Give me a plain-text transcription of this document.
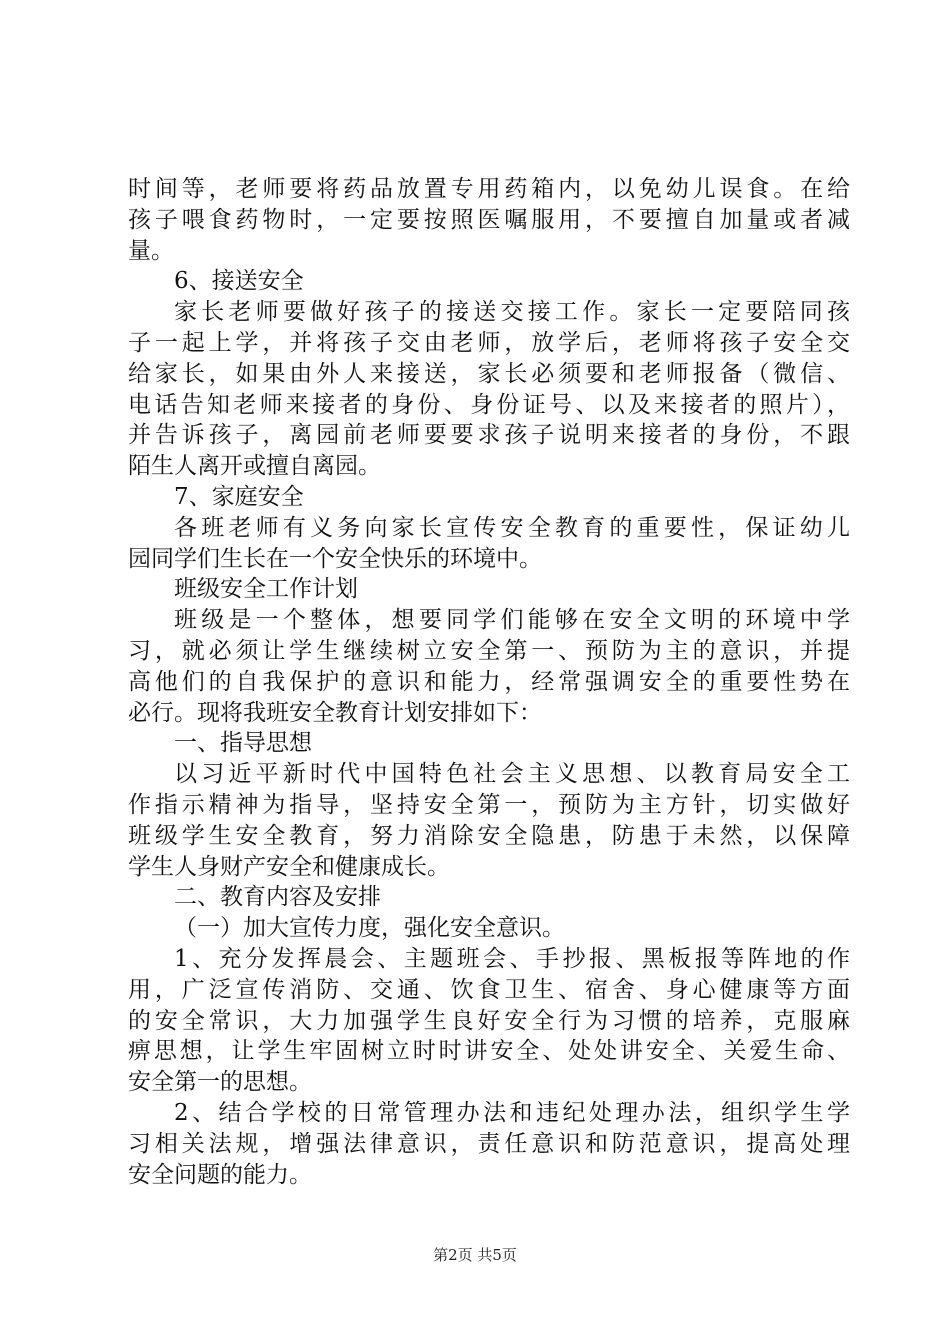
时间等，老师要将药品放置专用药箱内，以免幼儿误食。在给
孩子喂食药物时，一定要按照医嘱服用，不要擅自加量或者减
量。
6、接送安全
家长老师要做好孩子的接送交接工作。家长一定要陪同孩
子一起上学，并将孩子交由老师，放学后，老师将孩子安全交
给家长，如果由外人来接送，家长必须要和老师报备（微信、
电话告知老师来接者的身份、身份证号、以及来接者的照片），
并告诉孩子，离园前老师要要求孩子说明来接者的身份，不跟
陌生人离开或擅自离园。
7、家庭安全
各班老师有义务向家长宣传安全教育的重要性，保证幼儿
园同学们生长在一个安全快乐的环境中。
班级安全工作计划
班级是一个整体，想要同学们能够在安全文明的环境中学
习，就必须让学生继续树立安全第一、预防为主的意识，并提
高他们的自我保护的意识和能力，经常强调安全的重要性势在
必行。现将我班安全教育计划安排如下：
一、指导思想
以习近平新时代中国特色社会主义思想、以教育局安全工
作指示精神为指导，坚持安全第一，预防为主方针，切实做好
班级学生安全教育，努力消除安全隐患，防患于未然，以保障
学生人身财产安全和健康成长。
二、教育内容及安排
（一）加大宣传力度，强化安全意识。
1、充分发挥晨会、主题班会、手抄报、黑板报等阵地的作
用，广泛宣传消防、交通、饮食卫生、宿舍、身心健康等方面
的安全常识，大力加强学生良好安全行为习惯的培养，克服麻
痹思想，让学生牢固树立时时讲安全、处处讲安全、关爱生命、
安全第一的思想。
2、结合学校的日常管理办法和违纪处理办法，组织学生学
习相关法规，增强法律意识，责任意识和防范意识，提高处理
安全问题的能力。
第2页 共5页
